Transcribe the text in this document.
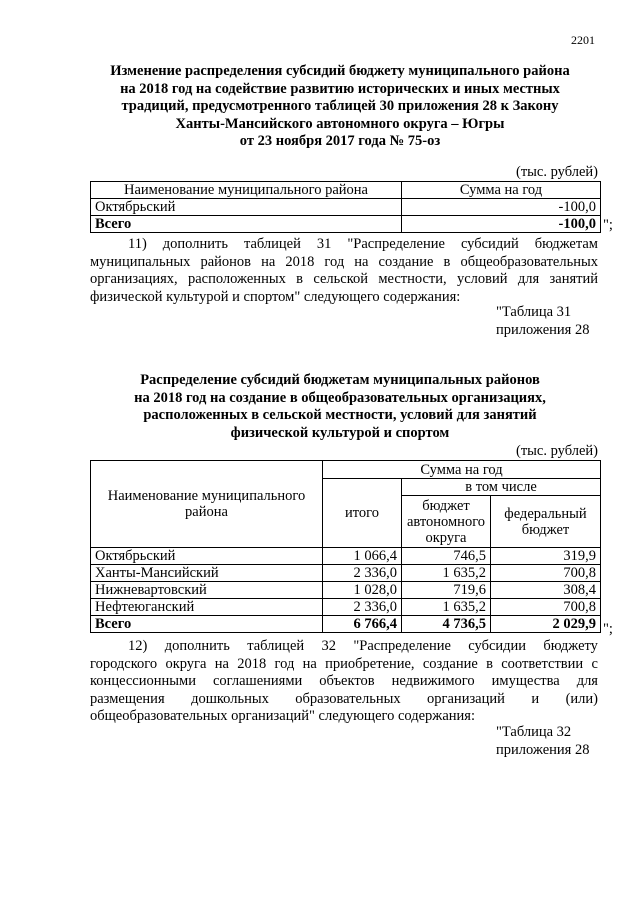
2201
Изменение распределения субсидий бюджету муниципального района
на 2018 год на содействие развитию исторических и иных местных
традиций, предусмотренного таблицей 30 приложения 28 к Закону
Ханты-Мансийского автономного округа – Югры
от 23 ноября 2017 года № 75-оз
(тыс. рублей)
Наименование муниципального района	Сумма на год
Октябрьский	-100,0
Всего	-100,0 ";
11) дополнить таблицей 31 "Распределение субсидий бюджетам
муниципальных районов на 2018 год на создание в общеобразовательных
организациях, расположенных в сельской местности, условий для занятий
физической культурой и спортом" следующего содержания:
"Таблица 31
приложения 28
Распределение субсидий бюджетам муниципальных районов
на 2018 год на создание в общеобразовательных организациях,
расположенных в сельской местности, условий для занятий
физической культурой и спортом
(тыс. рублей)
Наименование муниципального района	Сумма на год		
	итого	в том числе	
		бюджет автономного округа	федеральный бюджет
Октябрьский	1 066,4	746,5	319,9
Ханты-Мансийский	2 336,0	1 635,2	700,8
Нижневартовский	1 028,0	719,6	308,4
Нефтеюганский	2 336,0	1 635,2	700,8
Всего	6 766,4	4 736,5	2 029,9 ";
12) дополнить таблицей 32 "Распределение субсидии бюджету
городского округа на 2018 год на приобретение, создание в соответствии с
концессионными соглашениями объектов недвижимого имущества для
размещения дошкольных образовательных организаций и (или)
общеобразовательных организаций" следующего содержания:
"Таблица 32
приложения 28
